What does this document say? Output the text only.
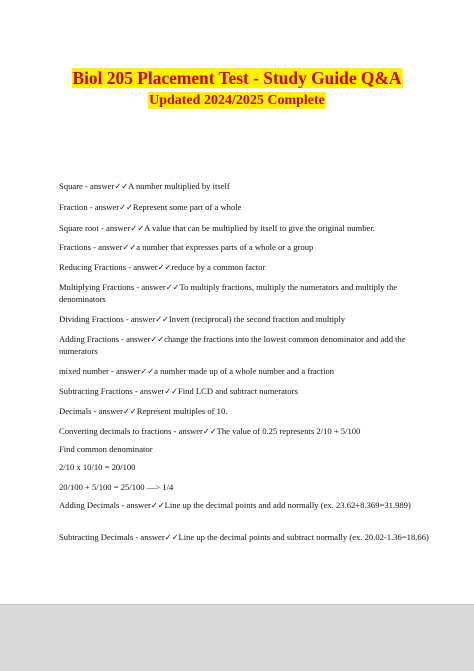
Biol 205 Placement Test - Study Guide Q&A
Updated 2024/2025 Complete
Square - answer✓✓A number multiplied by itself
Fraction - answer✓✓Represent some part of a whole
Square root - answer✓✓A value that can be multiplied by itself to give the original number.
Fractions - answer✓✓a number that expresses parts of a whole or a group
Reducing Fractions - answer✓✓reduce by a common factor
Multiplying Fractions - answer✓✓To multiply fractions, multiply the numerators and multiply the denominators
Dividing Fractions - answer✓✓Invert (reciprocal) the second fraction and multiply
Adding Fractions - answer✓✓change the fractions into the lowest common denominator and add the numerators
mixed number - answer✓✓a number made up of a whole number and a fraction
Subtracting Fractions - answer✓✓Find LCD and subtract numerators
Decimals - answer✓✓Represent multiples of 10.
Converting decimals to fractions - answer✓✓The value of 0.25 represents 2/10 + 5/100
Find common denominator
2/10 x 10/10 = 20/100
20/100 + 5/100 = 25/100 —> 1/4
Adding Decimals - answer✓✓Line up the decimal points and add normally (ex. 23.62+8.369=31.989)
Subtracting Decimals - answer✓✓Line up the decimal points and subtract normally (ex. 20.02-1.36=18.66)
